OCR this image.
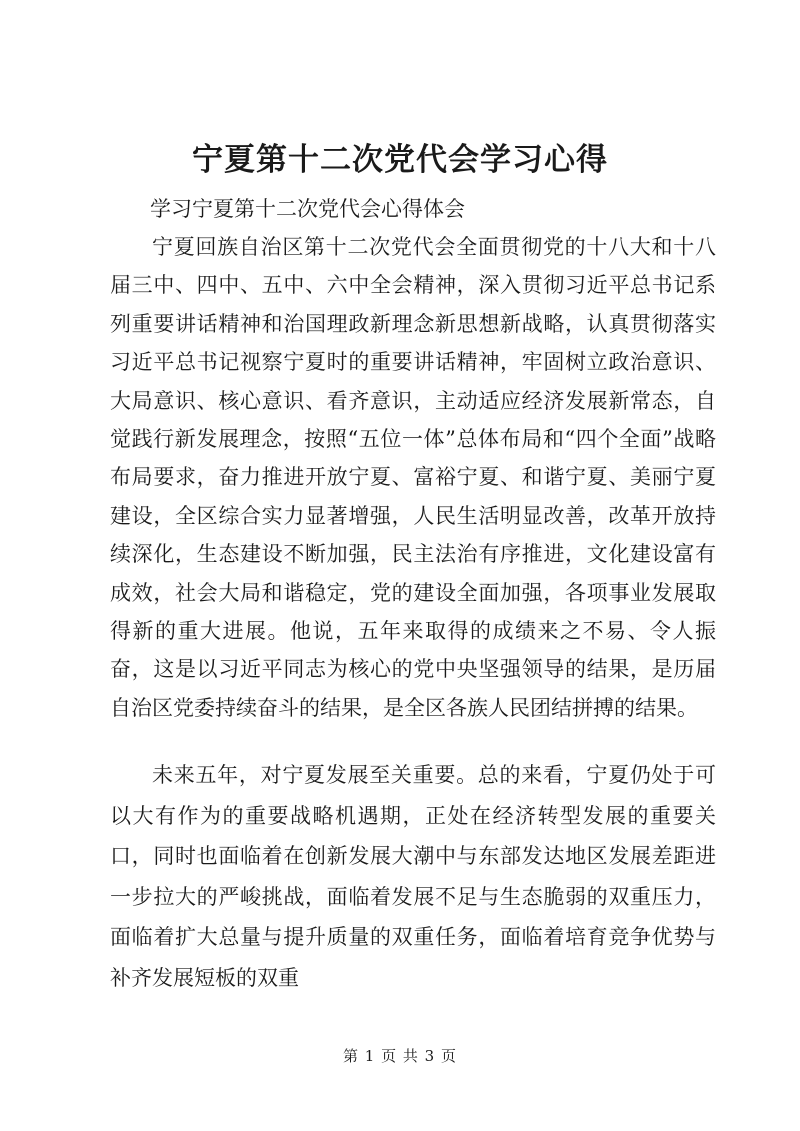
宁夏第十二次党代会学习心得
学习宁夏第十二次党代会心得体会

宁夏回族自治区第十二次党代会全面贯彻党的十八大和十八届三中、四中、五中、六中全会精神，深入贯彻习近平总书记系列重要讲话精神和治国理政新理念新思想新战略，认真贯彻落实习近平总书记视察宁夏时的重要讲话精神，牢固树立政治意识、大局意识、核心意识、看齐意识，主动适应经济发展新常态，自觉践行新发展理念，按照“五位一体”总体布局和“四个全面”战略布局要求，奋力推进开放宁夏、富裕宁夏、和谐宁夏、美丽宁夏建设，全区综合实力显著增强，人民生活明显改善，改革开放持续深化，生态建设不断加强，民主法治有序推进，文化建设富有成效，社会大局和谐稳定，党的建设全面加强，各项事业发展取得新的重大进展。他说，五年来取得的成绩来之不易、令人振奋，这是以习近平同志为核心的党中央坚强领导的结果，是历届自治区党委持续奋斗的结果，是全区各族人民团结拼搏的结果。

未来五年，对宁夏发展至关重要。总的来看，宁夏仍处于可以大有作为的重要战略机遇期，正处在经济转型发展的重要关口，同时也面临着在创新发展大潮中与东部发达地区发展差距进一步拉大的严峻挑战，面临着发展不足与生态脆弱的双重压力，面临着扩大总量与提升质量的双重任务，面临着培育竞争优势与补齐发展短板的双重

第 1 页 共 3 页
